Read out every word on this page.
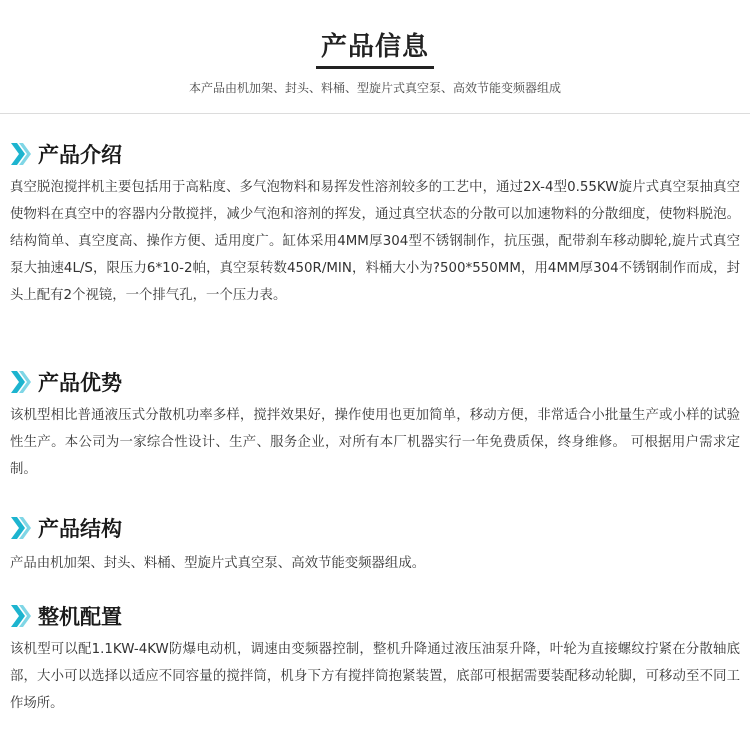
产品信息
本产品由机加架、封头、料桶、型旋片式真空泵、高效节能变频器组成
产品介绍
真空脱泡搅拌机主要包括用于高粘度、多气泡物料和易挥发性溶剂较多的工艺中，通过2X-4型0.55KW旋片式真空泵抽真空使物料在真空中的容器内分散搅拌，减少气泡和溶剂的挥发，通过真空状态的分散可以加速物料的分散细度，使物料脱泡。结构简单、真空度高、操作方便、适用度广。缸体采用4MM厚304型不锈钢制作，抗压强，配带刹车移动脚轮,旋片式真空泵大抽速4L/S，限压力6*10-2帕，真空泵转数450R/MIN，料桶大小为?500*550MM，用4MM厚304不锈钢制作而成，封头上配有2个视镜，一个排气孔，一个压力表。
产品优势
该机型相比普通液压式分散机功率多样，搅拌效果好，操作使用也更加简单，移动方便，非常适合小批量生产或小样的试验性生产。本公司为一家综合性设计、生产、服务企业，对所有本厂机器实行一年免费质保，终身维修。 可根据用户需求定制。
产品结构
产品由机加架、封头、料桶、型旋片式真空泵、高效节能变频器组成。
整机配置
该机型可以配1.1KW-4KW防爆电动机，调速由变频器控制，整机升降通过液压油泵升降，叶轮为直接螺纹拧紧在分散轴底部，大小可以选择以适应不同容量的搅拌筒，机身下方有搅拌筒抱紧装置，底部可根据需要装配移动轮脚，可移动至不同工作场所。
